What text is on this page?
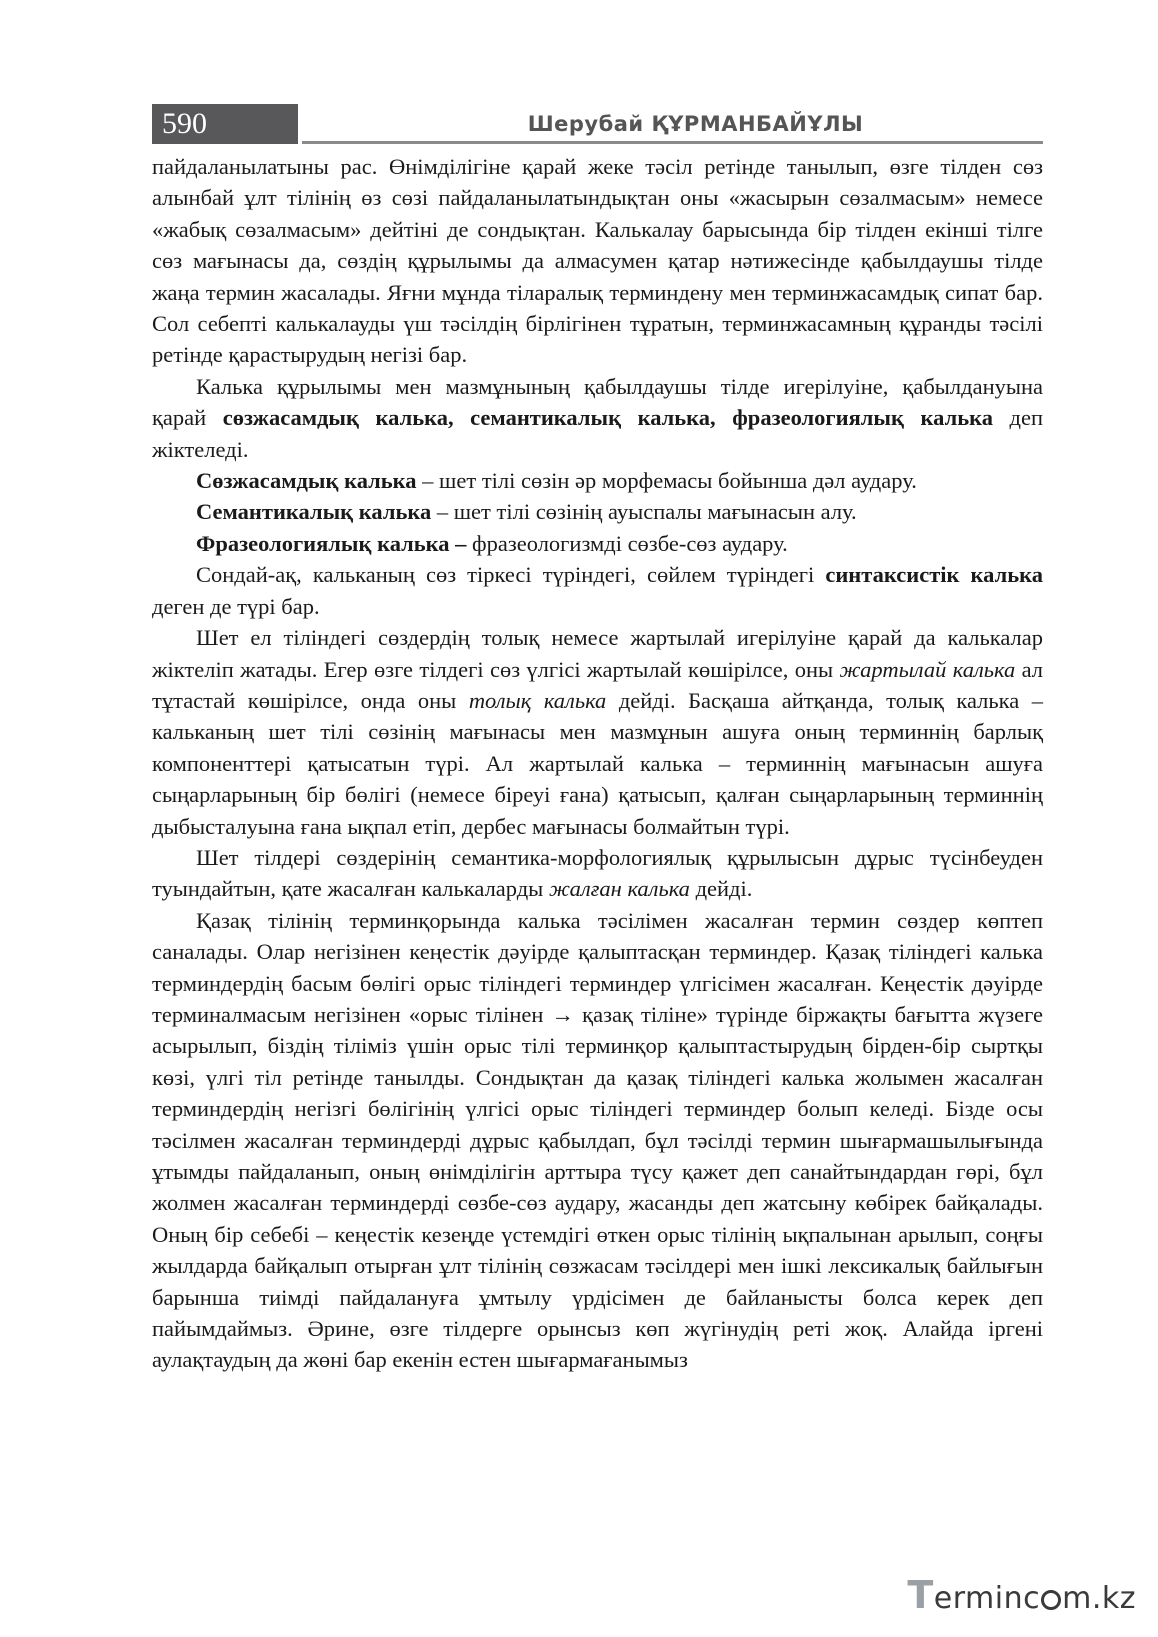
590	Шерубай ҚҰРМАНБАЙҰЛЫ

пайдаланылатыны рас. Өнімділігіне қарай жеке тәсіл ретінде танылып, өзге тілден сөз алынбай ұлт тілінің өз сөзі пайдаланылатындықтан оны «жасырын сөзалмасым» немесе «жабық сөзалмасым» дейтіні де сондықтан. Калькалау барысында бір тілден екінші тілге сөз мағынасы да, сөздің құрылымы да алмасумен қатар нәтижесінде қабылдаушы тілде жаңа термин жасалады. Яғни мұнда тіларалық терминдену мен терминжасамдық сипат бар. Сол себепті калькалауды үш тәсілдің бірлігінен тұратын, терминжасамның құранды тәсілі ретінде қарастырудың негізі бар.

Калька құрылымы мен мазмұнының қабылдаушы тілде игерілуіне, қабылдануына қарай сөзжасамдық калька, семантикалық калька, фразеологиялық калька деп жіктеледі.

Сөзжасамдық калька – шет тілі сөзін әр морфемасы бойынша дәл аудару.

Семантикалық калька – шет тілі сөзінің ауыспалы мағынасын алу.

Фразеологиялық калька – фразеологизмді сөзбе-сөз аудару.

Сондай-ақ, кальканың сөз тіркесі түріндегі, сөйлем түріндегі синтаксистік калька деген де түрі бар.

Шет ел тіліндегі сөздердің толық немесе жартылай игерілуіне қарай да калькалар жіктеліп жатады. Егер өзге тілдегі сөз үлгісі жартылай көшірілсе, оны жартылай калька ал тұтастай көшірілсе, онда оны толық калька дейді. Басқаша айтқанда, толық калька – кальканың шет тілі сөзінің мағынасы мен мазмұнын ашуға оның терминнің барлық компоненттері қатысатын түрі. Ал жартылай калька – терминнің мағынасын ашуға сыңарларының бір бөлігі (немесе біреуі ғана) қатысып, қалған сыңарларының терминнің дыбысталуына ғана ықпал етіп, дербес мағынасы болмайтын түрі.

Шет тілдері сөздерінің семантика-морфологиялық құрылысын дұрыс түсінбеуден туындайтын, қате жасалған калькаларды жалған калька дейді.

Қазақ тілінің терминқорында калька тәсілімен жасалған термин сөздер көптеп саналады. Олар негізінен кеңестік дәуірде қалыптасқан терминдер. Қазақ тіліндегі калька терминдердің басым бөлігі орыс тіліндегі терминдер үлгісімен жасалған. Кеңестік дәуірде терминалмасым негізінен «орыс тілінен → қазақ тіліне» түрінде біржақты бағытта жүзеге асырылып, біздің тіліміз үшін орыс тілі терминқор қалыптастырудың бірден-бір сыртқы көзі, үлгі тіл ретінде танылды. Сондықтан да қазақ тіліндегі калька жолымен жасалған терминдердің негізгі бөлігінің үлгісі орыс тіліндегі терминдер болып келеді. Бізде осы тәсілмен жасалған терминдерді дұрыс қабылдап, бұл тәсілді термин шығармашылығында ұтымды пайдаланып, оның өнімділігін арттыра түсу қажет деп санайтындардан гөрі, бұл жолмен жасалған терминдерді сөзбе-сөз аудару, жасанды деп жатсыну көбірек байқалады. Оның бір себебі – кеңестік кезеңде үстемдігі өткен орыс тілінің ықпалынан арылып, соңғы жылдарда байқалып отырған ұлт тілінің сөзжасам тәсілдері мен ішкі лексикалық байлығын барынша тиімді пайдалануға ұмтылу үрдісімен де байланысты болса керек деп пайымдаймыз. Әрине, өзге тілдерге орынсыз көп жүгінудің реті жоқ. Алайда іргені аулақтаудың да жөні бар екенін естен шығармағанымыз

Terminc m.kz
